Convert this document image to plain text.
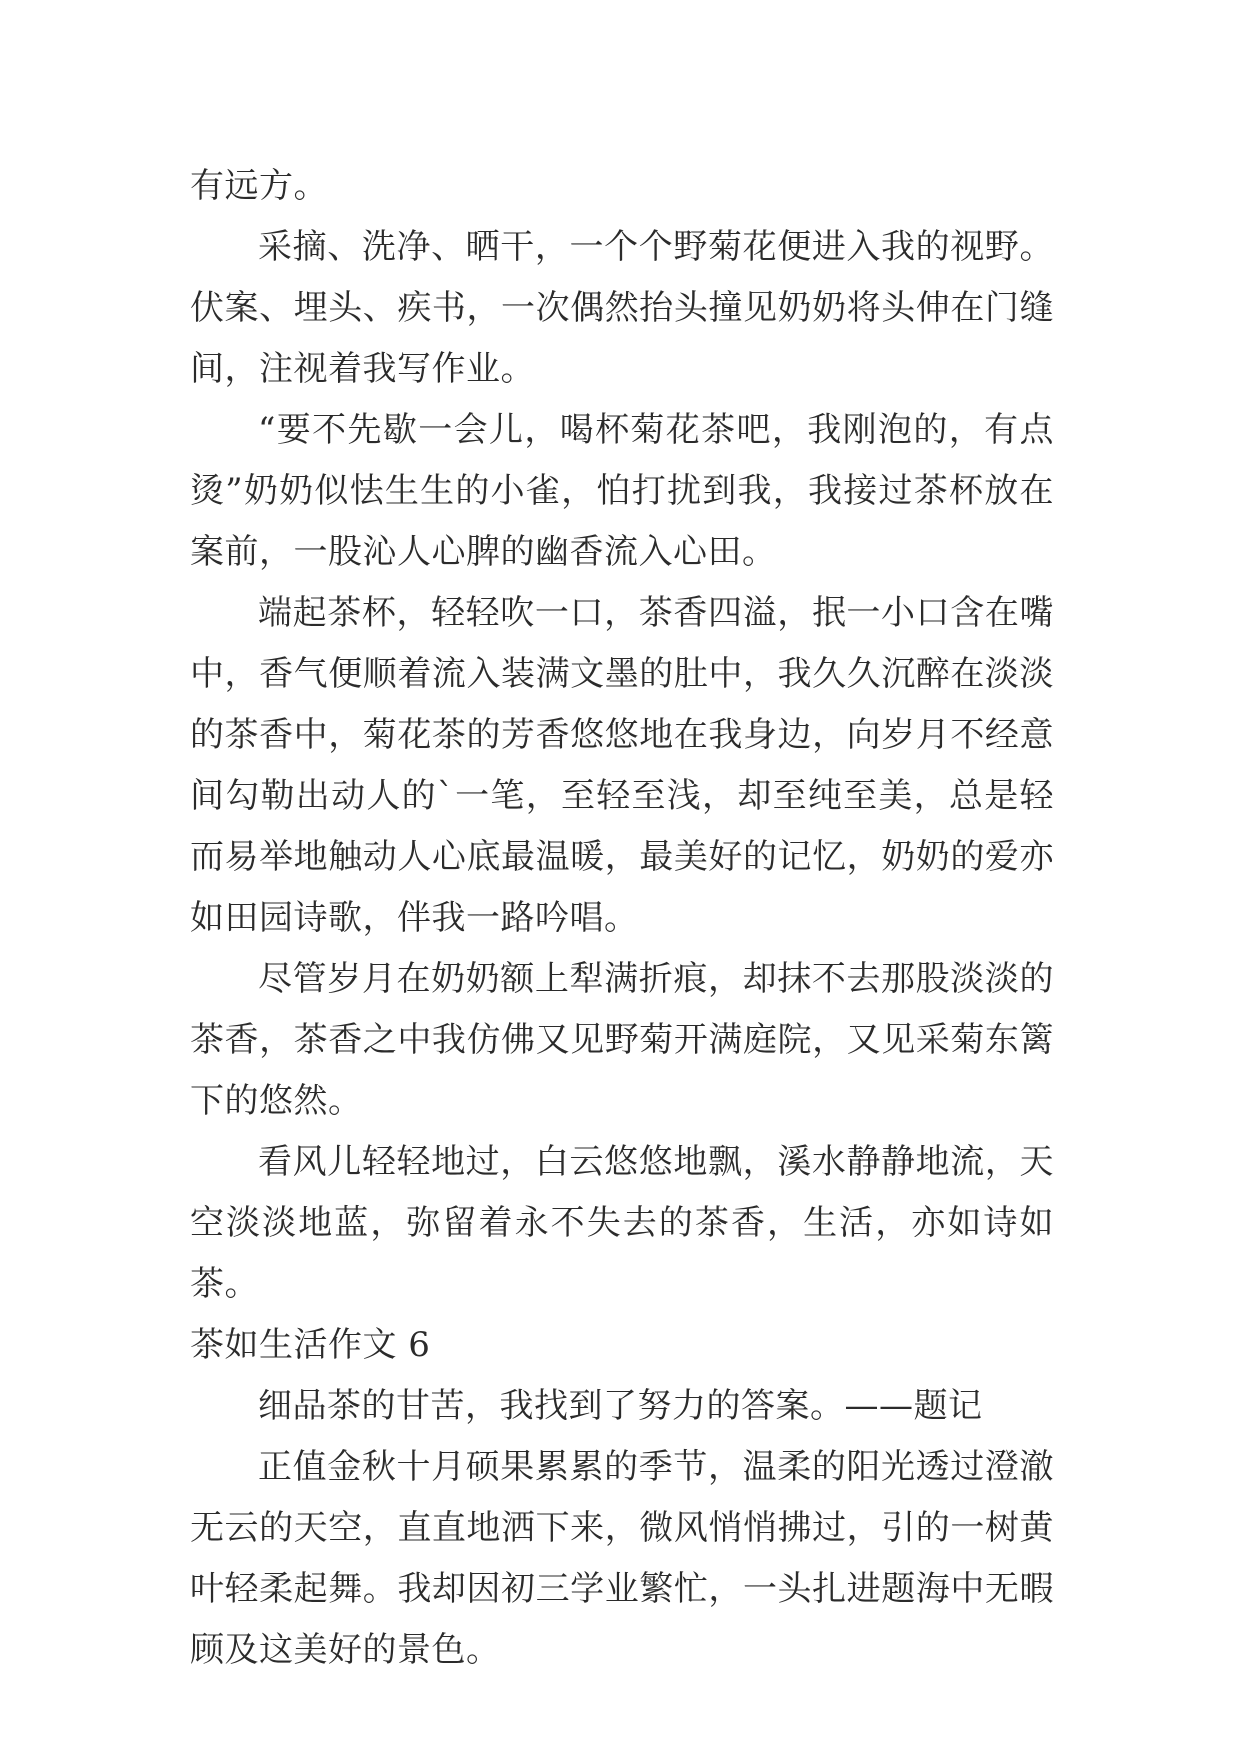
有远方。

采摘、洗净、晒干，一个个野菊花便进入我的视野。伏案、埋头、疾书，一次偶然抬头撞见奶奶将头伸在门缝间，注视着我写作业。

“要不先歇一会儿，喝杯菊花茶吧，我刚泡的，有点烫”奶奶似怯生生的小雀，怕打扰到我，我接过茶杯放在案前，一股沁人心脾的幽香流入心田。

端起茶杯，轻轻吹一口，茶香四溢，抿一小口含在嘴中，香气便顺着流入装满文墨的肚中，我久久沉醉在淡淡的茶香中，菊花茶的芳香悠悠地在我身边，向岁月不经意间勾勒出动人的`一笔，至轻至浅，却至纯至美，总是轻而易举地触动人心底最温暖，最美好的记忆，奶奶的爱亦如田园诗歌，伴我一路吟唱。

尽管岁月在奶奶额上犁满折痕，却抹不去那股淡淡的茶香，茶香之中我仿佛又见野菊开满庭院，又见采菊东篱下的悠然。

看风儿轻轻地过，白云悠悠地飘，溪水静静地流，天空淡淡地蓝，弥留着永不失去的茶香，生活，亦如诗如茶。

茶如生活作文 6

细品茶的甘苦，我找到了努力的答案。——题记

正值金秋十月硕果累累的季节，温柔的阳光透过澄澈无云的天空，直直地洒下来，微风悄悄拂过，引的一树黄叶轻柔起舞。我却因初三学业繁忙，一头扎进题海中无暇顾及这美好的景色。
